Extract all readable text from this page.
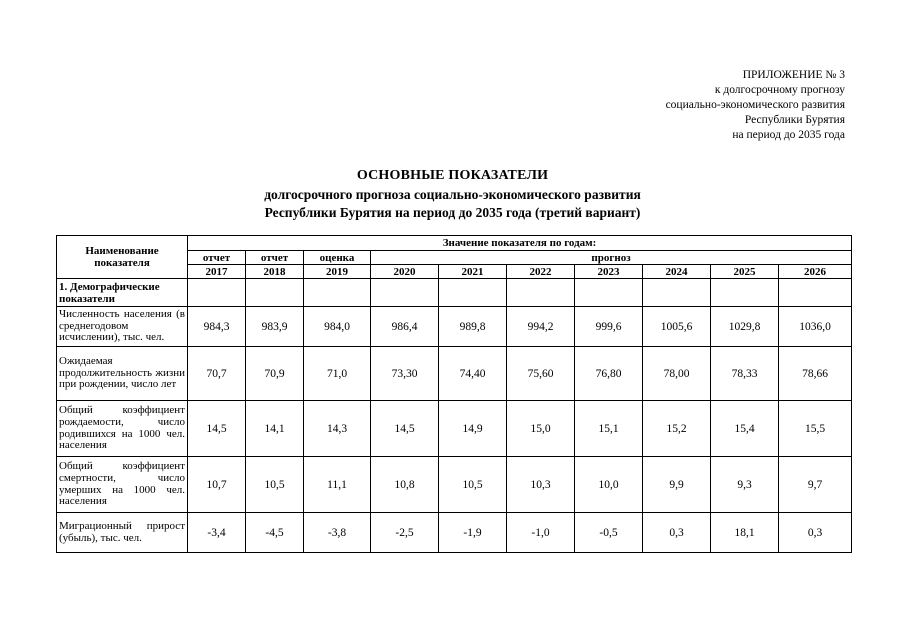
ПРИЛОЖЕНИЕ № 3
к долгосрочному прогнозу
социально-экономического развития
Республики Бурятия
на период до 2035 года
ОСНОВНЫЕ ПОКАЗАТЕЛИ
долгосрочного прогноза социально-экономического развития
Республики Бурятия на период до 2035 года (третий вариант)
Наименование показателя	Значение показателя по годам:									
	отчет	отчет	оценка	прогноз						
	2017	2018	2019	2020	2021	2022	2023	2024	2025	2026
1. Демографические показатели										
Численность населения (в среднегодовом исчислении), тыс. чел.	984,3	983,9	984,0	986,4	989,8	994,2	999,6	1005,6	1029,8	1036,0
Ожидаемая продолжительность жизни при рождении, число лет	70,7	70,9	71,0	73,30	74,40	75,60	76,80	78,00	78,33	78,66
Общий коэффициент рождаемости, число родившихся на 1000 чел. населения	14,5	14,1	14,3	14,5	14,9	15,0	15,1	15,2	15,4	15,5
Общий коэффициент смертности, число умерших на 1000 чел. населения	10,7	10,5	11,1	10,8	10,5	10,3	10,0	9,9	9,3	9,7
Миграционный прирост (убыль), тыс. чел.	-3,4	-4,5	-3,8	-2,5	-1,9	-1,0	-0,5	0,3	18,1	0,3
